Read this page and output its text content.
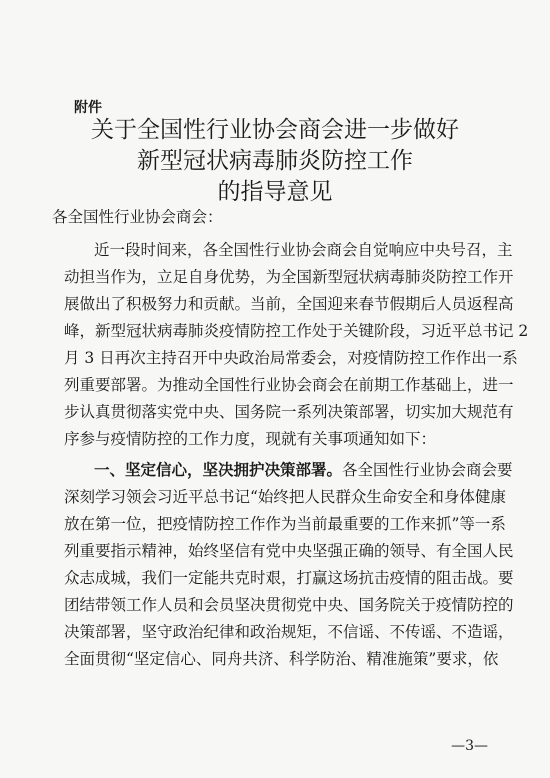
附件
关于全国性行业协会商会进一步做好
新型冠状病毒肺炎防控工作
的指导意见
各全国性行业协会商会：
近一段时间来，各全国性行业协会商会自觉响应中央号召，主
动担当作为，立足自身优势，为全国新型冠状病毒肺炎防控工作开
展做出了积极努力和贡献。当前，全国迎来春节假期后人员返程高
峰，新型冠状病毒肺炎疫情防控工作处于关键阶段，习近平总书记 2
月 3 日再次主持召开中央政治局常委会，对疫情防控工作作出一系
列重要部署。为推动全国性行业协会商会在前期工作基础上，进一
步认真贯彻落实党中央、国务院一系列决策部署，切实加大规范有
序参与疫情防控的工作力度，现就有关事项通知如下：
一、坚定信心，坚决拥护决策部署。各全国性行业协会商会要
深刻学习领会习近平总书记“始终把人民群众生命安全和身体健康
放在第一位，把疫情防控工作作为当前最重要的工作来抓”等一系
列重要指示精神，始终坚信有党中央坚强正确的领导、有全国人民
众志成城，我们一定能共克时艰，打赢这场抗击疫情的阻击战。要
团结带领工作人员和会员坚决贯彻党中央、国务院关于疫情防控的
决策部署，坚守政治纪律和政治规矩，不信谣、不传谣、不造谣，
全面贯彻“坚定信心、同舟共济、科学防治、精准施策”要求，依
—3—
